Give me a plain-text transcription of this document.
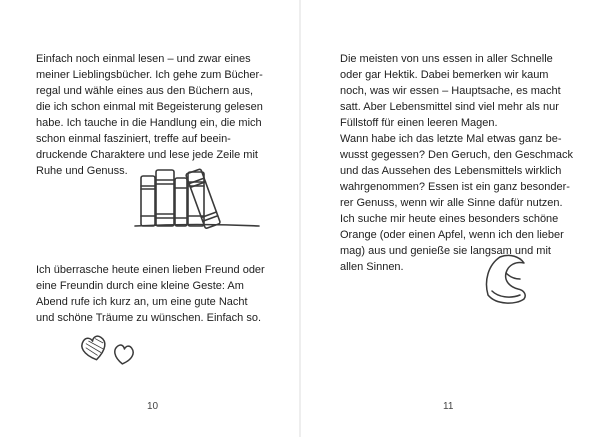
Einfach noch einmal lesen – und zwar eines
meiner Lieblingsbücher. Ich gehe zum Bücher-
regal und wähle eines aus den Büchern aus,
die ich schon einmal mit Begeisterung gelesen
habe. Ich tauche in die Handlung ein, die mich
schon einmal fasziniert, treffe auf beein-
druckende Charaktere und lese jede Zeile mit
Ruhe und Genuss.

Ich überrasche heute einen lieben Freund oder
eine Freundin durch eine kleine Geste: Am
Abend rufe ich kurz an, um eine gute Nacht
und schöne Träume zu wünschen. Einfach so.

10

Die meisten von uns essen in aller Schnelle
oder gar Hektik. Dabei bemerken wir kaum
noch, was wir essen – Hauptsache, es macht
satt. Aber Lebensmittel sind viel mehr als nur
Füllstoff für einen leeren Magen.
Wann habe ich das letzte Mal etwas ganz be-
wusst gegessen? Den Geruch, den Geschmack
und das Aussehen des Lebensmittels wirklich
wahrgenommen? Essen ist ein ganz besonder-
rer Genuss, wenn wir alle Sinne dafür nutzen.
Ich suche mir heute eines besonders schöne
Orange (oder einen Apfel, wenn ich den lieber
mag) aus und genieße sie langsam und mit
allen Sinnen.

11
